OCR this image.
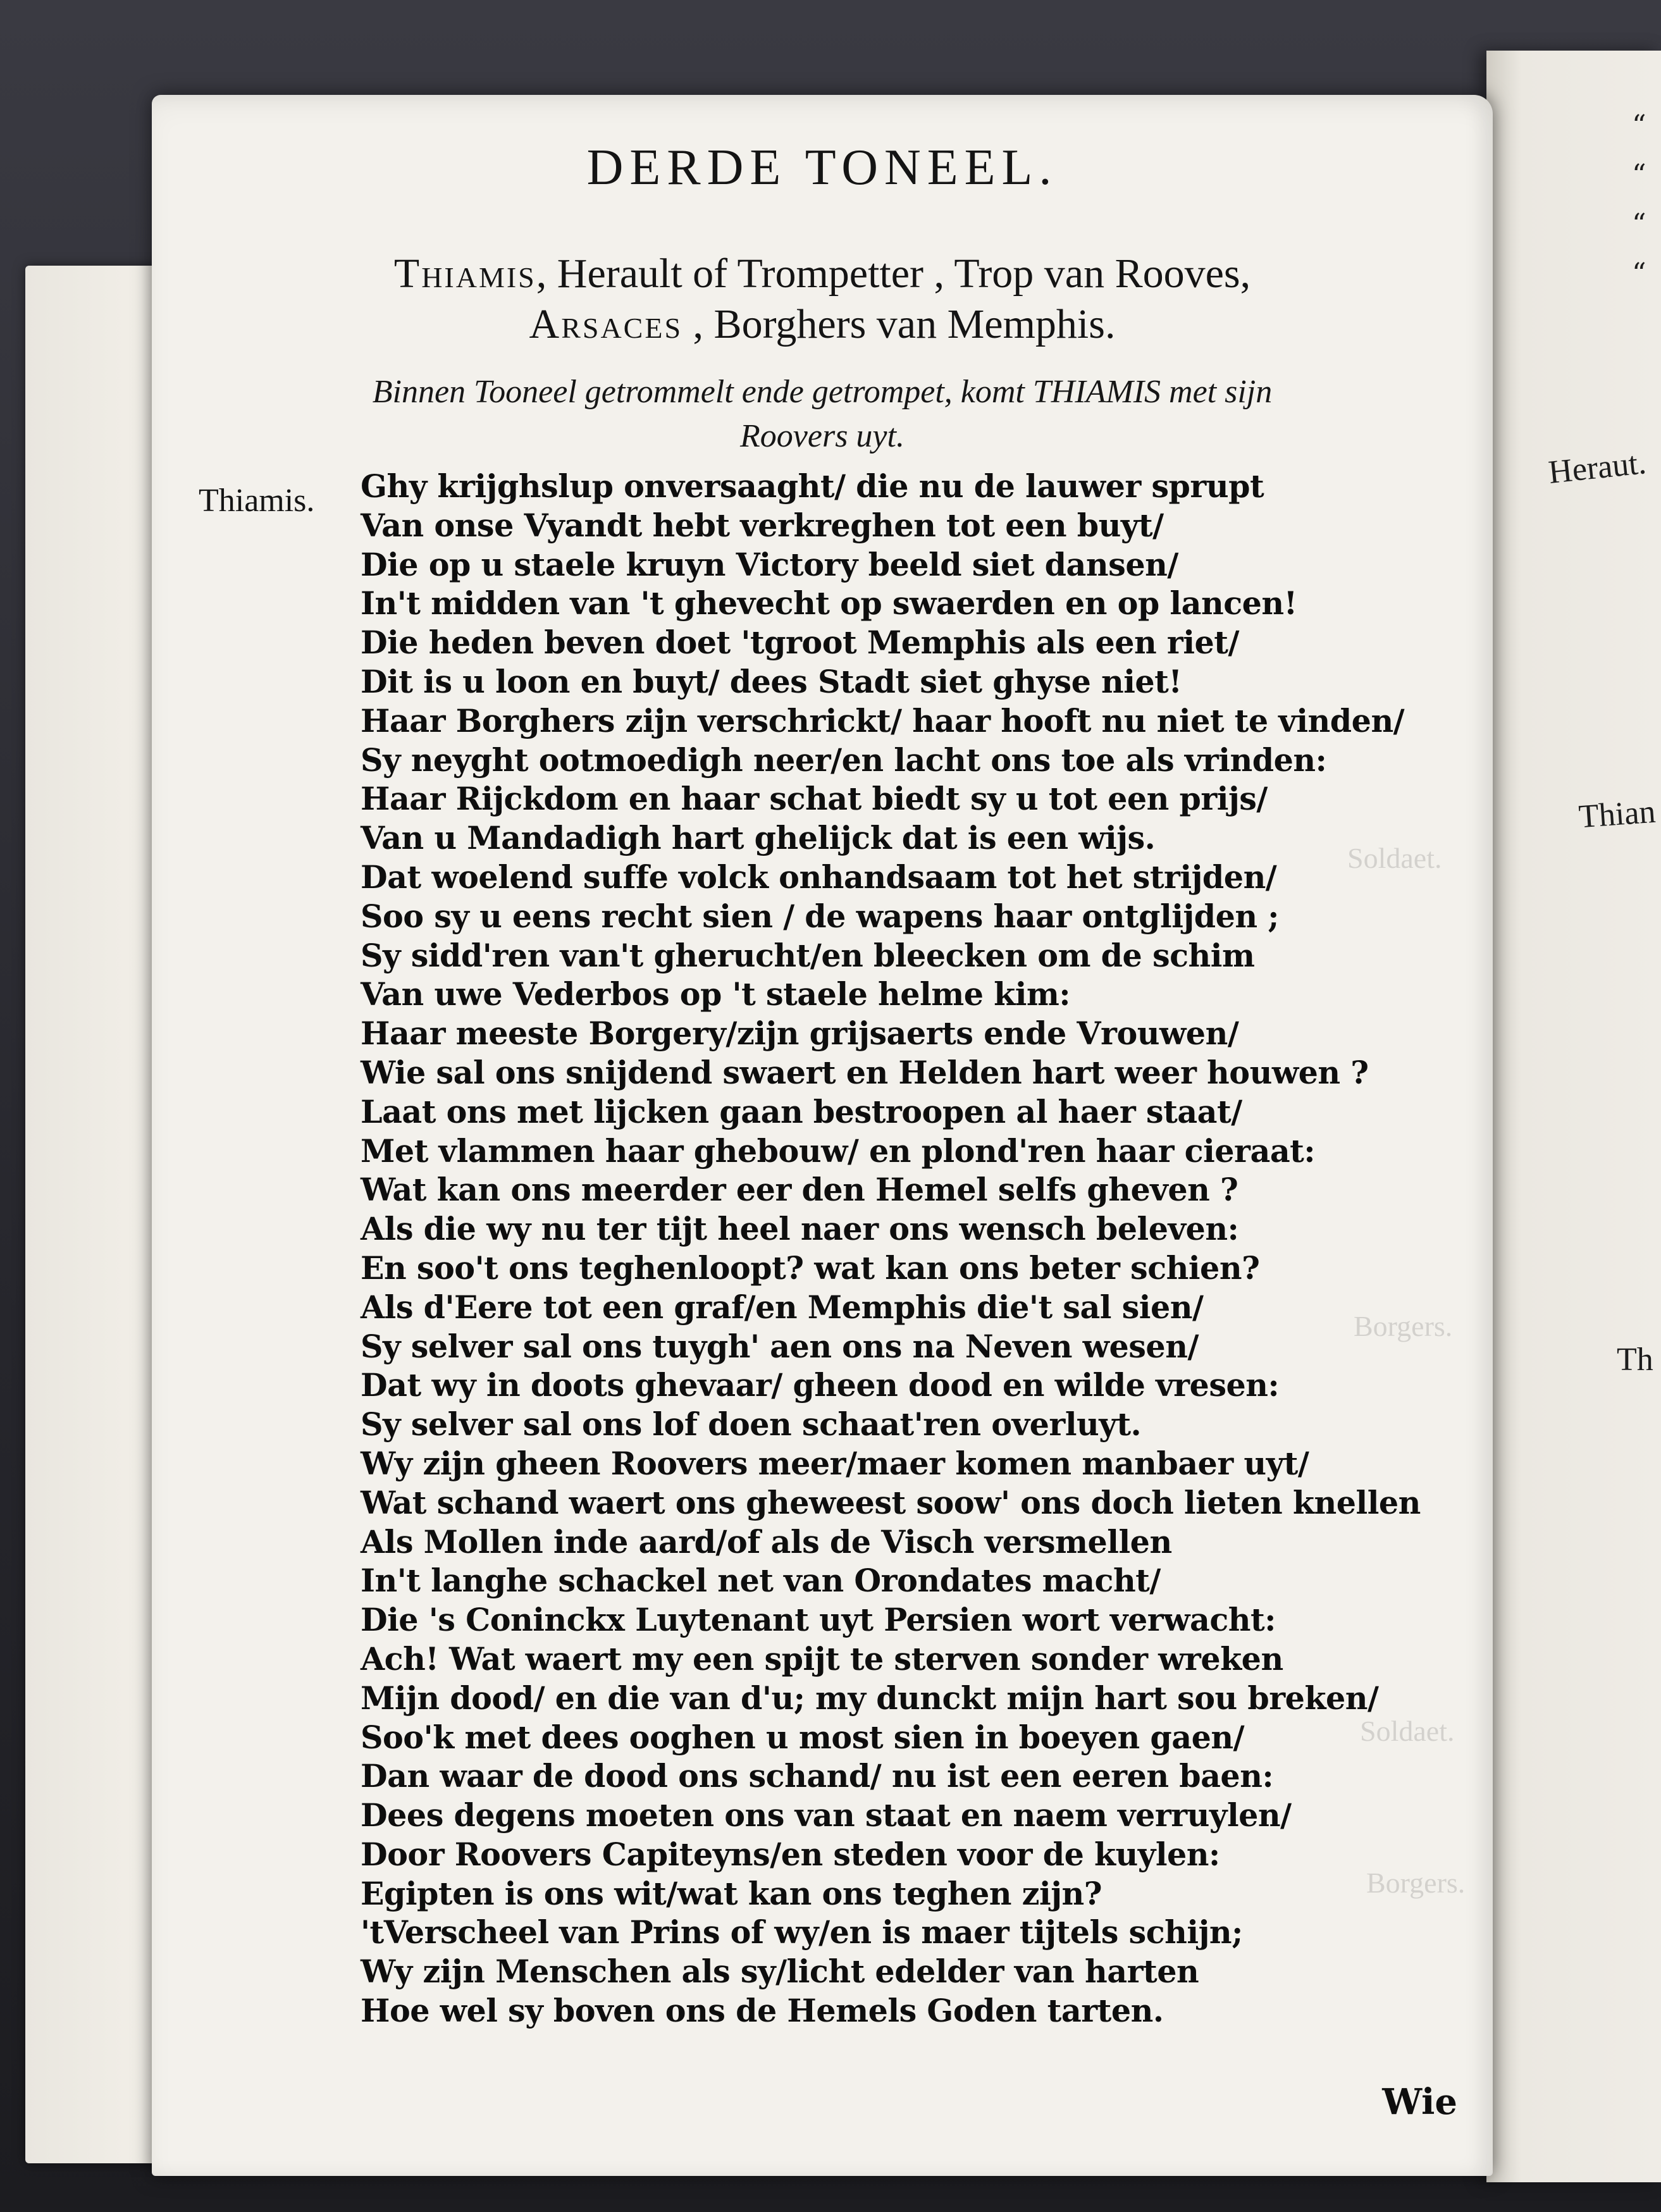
“
“
“
“
Heraut.
Thian
Th
DERDE TONEEL.
Thiamis, Herault of Trompetter , Trop van Rooves,
Arsaces , Borghers van Memphis.
Binnen Tooneel getrommelt ende getrompet, komt THIAMIS met sijn
Roovers uyt.
Thiamis. Ghy krijghslup onversaaght/ die nu de lauwer sprupt
Van onse Vyandt hebt verkreghen tot een buyt/
Die op u staele kruyn Victory beeld siet dansen/
In't midden van 't ghevecht op swaerden en op lancen!
Die heden beven doet 'tgroot Memphis als een riet/
Dit is u loon en buyt/ dees Stadt siet ghyse niet!
Haar Borghers zijn verschrickt/ haar hooft nu niet te vinden/
Sy neyght ootmoedigh neer/en lacht ons toe als vrinden:
Haar Rijckdom en haar schat biedt sy u tot een prijs/
Van u Mandadigh hart ghelijck dat is een wijs.
Dat woelend suffe volck onhandsaam tot het strijden/
Soo sy u eens recht sien / de wapens haar ontglijden ;
Sy sidd'ren van't gherucht/en bleecken om de schim
Van uwe Vederbos op 't staele helme kim:
Haar meeste Borgery/zijn grijsaerts ende Vrouwen/
Wie sal ons snijdend swaert en Helden hart weer houwen ?
Laat ons met lijcken gaan bestroopen al haer staat/
Met vlammen haar ghebouw/ en plond'ren haar cieraat:
Wat kan ons meerder eer den Hemel selfs gheven ?
Als die wy nu ter tijt heel naer ons wensch beleven:
En soo't ons teghenloopt? wat kan ons beter schien?
Als d'Eere tot een graf/en Memphis die't sal sien/
Sy selver sal ons tuygh' aen ons na Neven wesen/
Dat wy in doots ghevaar/ gheen dood en wilde vresen:
Sy selver sal ons lof doen schaat'ren overluyt.
Wy zijn gheen Roovers meer/maer komen manbaer uyt/
Wat schand waert ons gheweest soow' ons doch lieten knellen
Als Mollen inde aard/of als de Visch versmellen
In't langhe schackel net van Orondates macht/
Die 's Coninckx Luytenant uyt Persien wort verwacht:
Ach! Wat waert my een spijt te sterven sonder wreken
Mijn dood/ en die van d'u; my dunckt mijn hart sou breken/
Soo'k met dees ooghen u most sien in boeyen gaen/
Dan waar de dood ons schand/ nu ist een eeren baen:
Dees degens moeten ons van staat en naem verruylen/
Door Roovers Capiteyns/en steden voor de kuylen:
Egipten is ons wit/wat kan ons teghen zijn?
'tVerscheel van Prins of wy/en is maer tijtels schijn;
Wy zijn Menschen als sy/licht edelder van harten
Hoe wel sy boven ons de Hemels Goden tarten.
Wie
Soldaet.
Borgers.
Soldaet.
Borgers.
